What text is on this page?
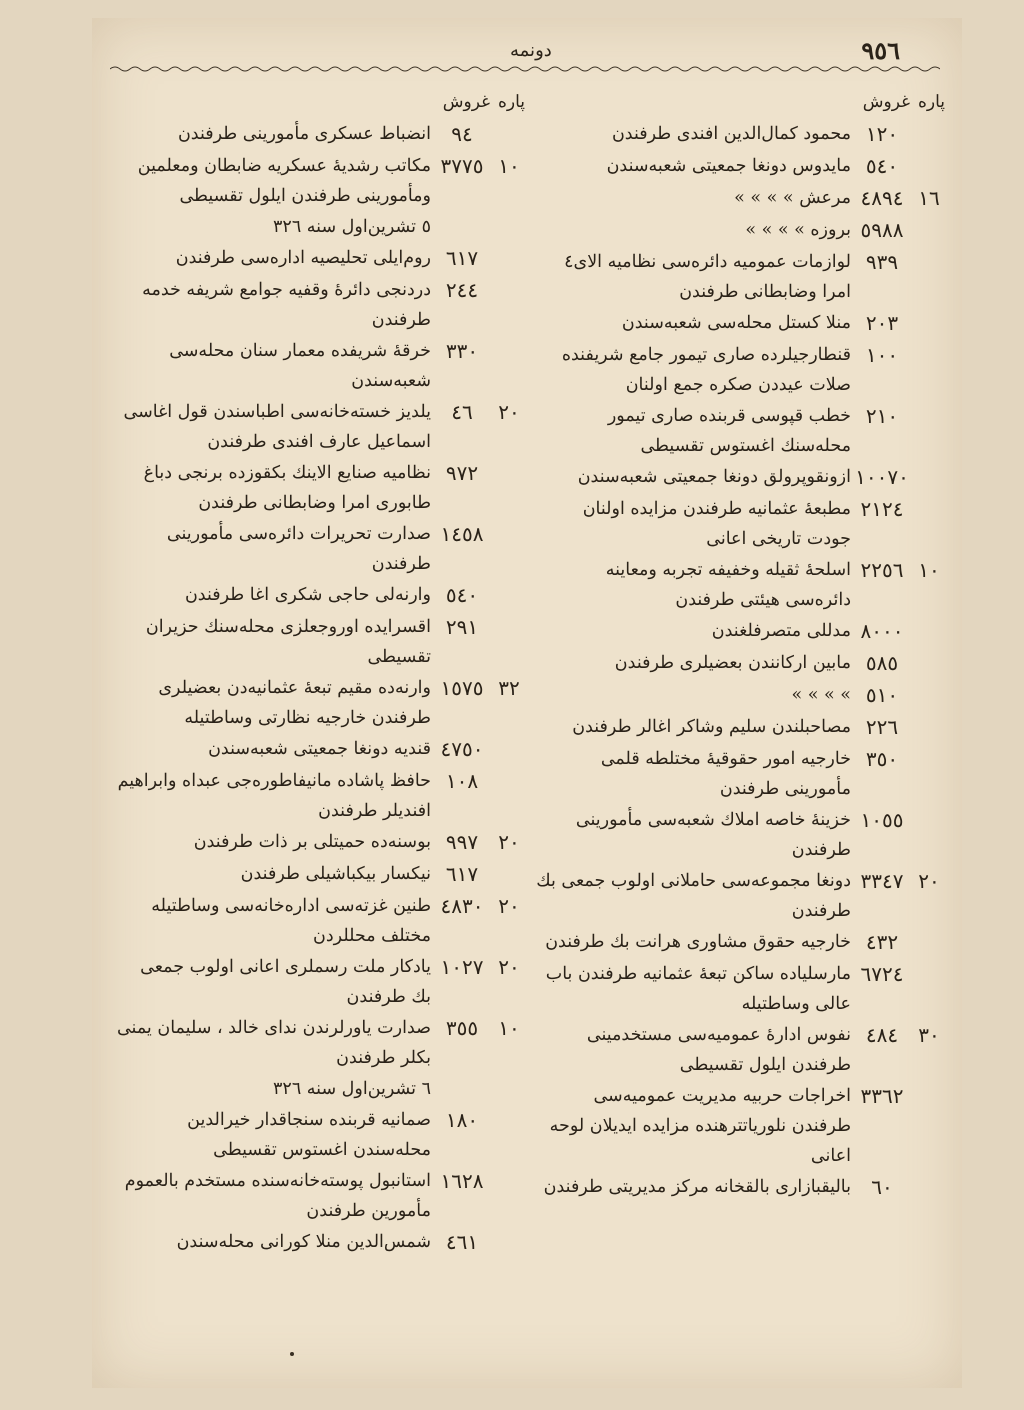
٩٥٦
دونمه
پاره
غروش
١٢٠
محمود كمال‌الدين افندى طرفندن
٥٤٠
مايدوس دونغا جمعيتى شعبه‌سندن
١٦
٤٨٩٤
مرعش » » » »
٥٩٨٨
بروزه » » » »
٩٣٩
لوازمات عموميه دائره‌سى نظاميه الاى٤ امرا وضابطانى طرفندن
٢٠٣
منلا كستل محله‌سى شعبه‌سندن
١٠٠
قنطارجيلرده صارى تيمور جامع شريفنده صلات عيددن صكره جمع اولنان
٢١٠
خطب قپوسى قربنده صارى تيمور محله‌سنك اغستوس تقسيطى
١٠٠٧٠
ازونقوپرولق دونغا جمعيتى شعبه‌سندن
٢١٢٤
مطبعهٔ عثمانيه طرفندن مزايده اولنان جودت تاريخى اعانى
١٠
٢٢٥٦
اسلحهٔ ثقيله وخفيفه تجربه ومعاينه دائره‌سى هيئتى طرفندن
٨٠٠٠
مدللى متصرفلغندن
٥٨٥
مابين اركانندن بعضيلرى طرفندن
٥١٠
» » » »
٢٢٦
مصاحبلندن سليم وشاكر اغالر طرفندن
٣٥٠
خارجيه امور حقوقيهٔ مختلطه قلمى مأمورينى طرفندن
١٠٥٥
خزينهٔ خاصه املاك شعبه‌سى مأمورينى طرفندن
٢٠
٣٣٤٧
دونغا مجموعه‌سى حاملانى اولوب جمعى بك طرفندن
٤٣٢
خارجيه حقوق مشاورى هرانت بك طرفندن
٦٧٢٤
مارسلياده ساكن تبعهٔ عثمانيه طرفندن باب عالى وساطتيله
٣٠
٤٨٤
نفوس ادارهٔ عموميه‌سى مستخدمينى طرفندن ايلول تقسيطى
٣٣٦٢
اخراجات حربيه مديريت عموميه‌سى طرفندن نلورياتترهنده مزايده ايديلان لوحه اعانى
٦٠
باليقبازارى بالقخانه مركز مديريتى طرفندن
پاره
غروش
٩٤
انضباط عسكرى مأمورينى طرفندن
١٠
٣٧٧٥
مكاتب رشديهٔ عسكريه ضابطان ومعلمين ومأمورينى طرفندن ايلول تقسيطى
٥ تشرين‌اول سنه ٣٢٦
٦١٧
روم‌ايلى تحليصيه اداره‌سى طرفندن
٢٤٤
دردنجى دائرهٔ وقفيه جوامع شريفه خدمه طرفندن
٣٣٠
خرقهٔ شريفده معمار سنان محله‌سى شعبه‌سندن
٢٠
٤٦
يلديز خسته‌خانه‌سى اطباسندن قول اغاسى اسماعيل عارف افندى طرفندن
٩٧٢
نظاميه صنايع الاينك بكقوزده برنجى دباغ طابورى امرا وضابطانى طرفندن
١٤٥٨
صدارت تحريرات دائره‌سى مأمورينى طرفندن
٥٤٠
وارنه‌لى حاجى شكرى اغا طرفندن
٢٩١
اقسرايده اوروجعلزى محله‌سنك حزيران تقسيطى
٣٢
١٥٧٥
وارنه‌ده مقيم تبعهٔ عثمانيه‌دن بعضيلرى طرفندن خارجيه نظارتى وساطتيله
٤٧٥٠
قنديه دونغا جمعيتى شعبه‌سندن
١٠٨
حافظ پاشاده مانيفاطوره‌جى عبداه وابراهيم افنديلر طرفندن
٢٠
٩٩٧
بوسنه‌ده حميتلى بر ذات طرفندن
٦١٧
نيكسار بيكباشيلى طرفندن
٢٠
٤٨٣٠
طنين غزته‌سى اداره‌خانه‌سى وساطتيله مختلف محللردن
٢٠
١٠٢٧
يادكار ملت رسملرى اعانى اولوب جمعى بك طرفندن
١٠
٣٥٥
صدارت ياورلرندن نداى خالد ، سليمان يمنى بكلر طرفندن
٦ تشرين‌اول سنه ٣٢٦
١٨٠
صمانيه قربنده سنجاقدار خيرالدين محله‌سندن اغستوس تقسيطى
١٦٢٨
استانبول پوسته‌خانه‌سنده مستخدم بالعموم مأمورين طرفندن
٤٦١
شمس‌الدين منلا كورانى محله‌سندن
